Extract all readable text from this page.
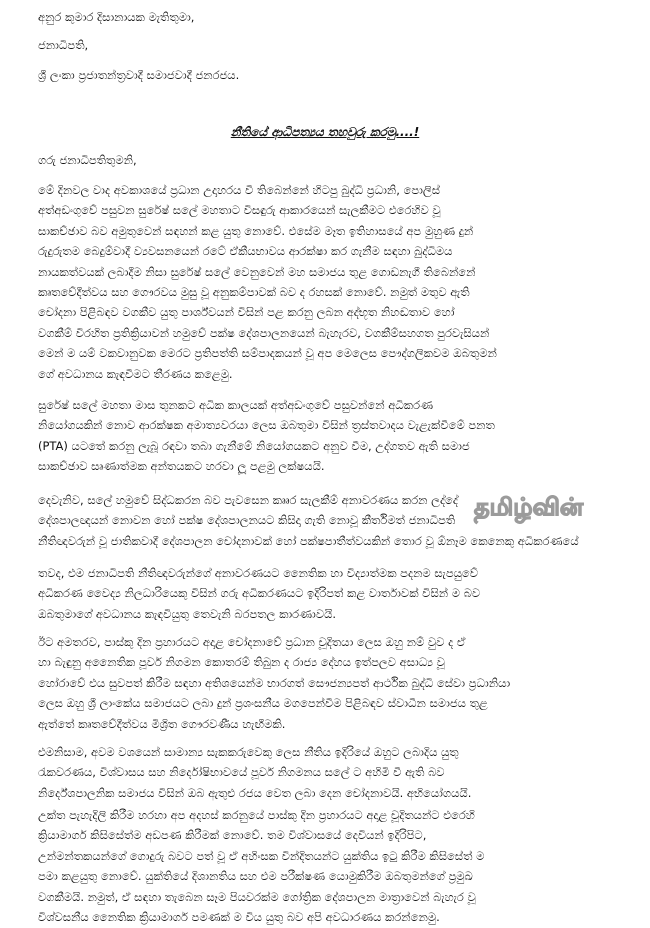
අනුර කුමාර දිසානායක මැතිතුමා,
ජනාධිපති,
ශ්‍රී ලංකා ප්‍රජාතන්ත්‍රවාදී සමාජවාදී ජනරජය.
නීතියේ ආධිපත්‍යය තහවුරු කරමු....!
ගරු ජනාධිපතිතුමනි,
මේ දිනවල වාද අවකාශයේ ප්‍රධාන උදාහරය වී තිබෙන්නේ හිටපු බුද්ධි ප්‍රධානි, පොලිස්
අත්අඩංගුවේ පසුවන සුරේෂ් සලේ මහතාට විසඳුරු ආකාරයෙන් සැලකීමට එරෙහිව වූ
සාකච්ඡාව බව අමුතුවෙන් සඳහන් කළ යුතු නොවේ. එසේම මෑත ඉතිහාසයේ අප මුහුණ දුන්
රුදුරුතම බෙදුම්වාදී ව්‍යවසනයෙන් රටේ ඒකීයභාවය ආරක්ෂා කර ගැනීම සඳහා බුද්ධිමය
නායකත්වයක් ලබාදීම නිසා සුරේෂ් සලේ වෙනුවෙන් මහ සමාජය තුළ ගොඩනැගී තිබෙන්නේ
කෘතවේදීත්වය සහ ගෞරවය මුසු වූ අනුකම්පාවක් බව ද රහසක් නොවේ. නමුත් මතුව ඇති
චෝදනා පිළිබඳව වගකීව යුතු පාර්ශ්වයන් විසින් පළ කරනු ලබන අද්භූත නිහඬතාව හෝ
වගකීම් විරහිත ප්‍රතික්‍රියාවන් හමුවේ පක්ෂ දේශපාලනයෙන් බැහැරව, වගකීම්සහගත පුරවැසියන්
මෙන් ම යම් වකවානුවක මෙරට ප්‍රතිපත්ති සම්පාදකයන් වූ අප මෙලෙස පෞද්ගලිකවම ඔබතුමන්
ගේ අවධානය කැඳවීමට තීරණය කළෙමු.
සුරේෂ් සලේ මහතා මාස තුනකට අධික කාලයක් අත්අඩංගුවේ පසුවන්නේ අධිකරණ
නියෝගයකින් නොව ආරක්ෂක අමාත්‍යවරයා ලෙස ඔබතුමා විසින් ත්‍රස්තවාදය වැළැක්වීමේ පනත
(PTA) යටතේ කරනු ලැබූ රඳවා තබා ගැනීමේ නියෝගයකට අනුව වීම, උද්ගතව ඇති සමාජ
සාකච්ඡාව සෘණාත්මක අන්තයකට හරවා ලූ පළමු ලක්ෂයයි.
දෙවැනිව, සලේ හමුවේ සිද්ධකරන බව පැවසෙන කෘෘර සැලකීම් අනාවරණය කරන ලද්දේ
දේශපාලඥයන් නොවන හෝ පක්ෂ දේශපාලනයට කිසිදා ගැති නොවූ කීර්තිමත් ජනාධිපති
නීතිඥවරුන් වූ ජාතිකවාදී දේශපාලන චෝදනාවක් හෝ පක්ෂපාතීත්වයකින් තොර වූ ඕනෑම කෙනෙකු අධිකරණයේ
තවද, එම ජනාධිපති නීතිඥවරුන්ගේ අනාවරණයට නෛතික හා විද්‍යාත්මක පදනම සැපයුවේ
අධිකරණ වෛද්‍ය නිලධාරියෙකු විසින් ගරු අධිකරණයට ඉදිරිපත් කළ වාර්තාවක් විසින් ම බව
ඔබතුමාගේ අවධානය කැඳවියුතු තෙවැනි බරපතල කාරණාවයි.
ඊට අමතරව, පාස්කු දින ප්‍රහාරයට අදාළ චෝදනාවේ ප්‍රධාන චූදිතයා ලෙස ඔහු නම් වුව ද ඒ
හා බැඳුනු අනෛතික පූර්ව නිගමන කොතරම් තිබුන ද රාජ්‍ය දේහය ඉත්පලව අසාධ්‍ය වූ
හෝරාවේ එය සුවපත් කිරීම සඳහා අතිශයෙන්ම භාරගත් සෞජන්‍යපත් ආර්ථික බුද්ධි සේවා ප්‍රධානියා
ලෙස ඔහු ශ්‍රී ලාංකේය සමාජයට ලබා දුන් ප්‍රශංසනීය මගපෙන්වීම පිළිබඳව ස්වාධීන සමාජය තුළ
ඇත්තේ කෘතවේදීත්වය මිශ්‍රිත ගෞරවණීය හැඟීමකි.
එමනිසාම, අවම වශයෙන් සාමාන්‍ය සැකකරුවෙකු ලෙස නීතිය ඉදිරියේ ඔහුට ලබාදිය යුතු
රැකවරණය, විශ්වාසය සහ නිර්දෝෂිභාවයේ පූර්ව නිගමනය සලේ ට අහිමි වී ඇති බව
නිර්දේශපාලනික සමාජය විසින් ඔබ ඇතුළු රජය වෙත ලබා දෙන චෝදනාවයි. අභියෝගයයි.
උක්ත පැහැදිලි කිරීම හරහා අප අදහස් කරනුයේ පාස්කු දින ප්‍රහාරයට අදාළ චූදිතයන්ට එරෙහි
ක්‍රියාමාර්ග කිසිසේත්ම අඩපණ කිරීමක් නොවේ. තම විශ්වාසයේ දෙවියන් ඉදිරිපිට,
උන්මන්තකයන්ගේ ගොදුරු බවට පත් වූ ඒ අහිංසක වින්දිතයන්ට යුක්තිය ඉටු කිරීම කිසිසේත් ම
පමා කළයුතු නොවේ. යුක්තියේ දිශානතිය සහ එම පරීක්ෂණ යොමුකිරීම ඔබතුමන්ගේ ප්‍රමුඛ
වගකීමයි. නමුත්, ඒ සඳහා තැබෙන සෑම පියවරක්ම ගෝත්‍රික දේශපාලන මාත්‍රාවෙන් බැහැර වූ
විශ්වසනීය නෛතික ක්‍රියාමාර්ග පමණක් ම විය යුතු බව අපි අවධාරණය කරන්නෙමු.
தமிழ்வின்
